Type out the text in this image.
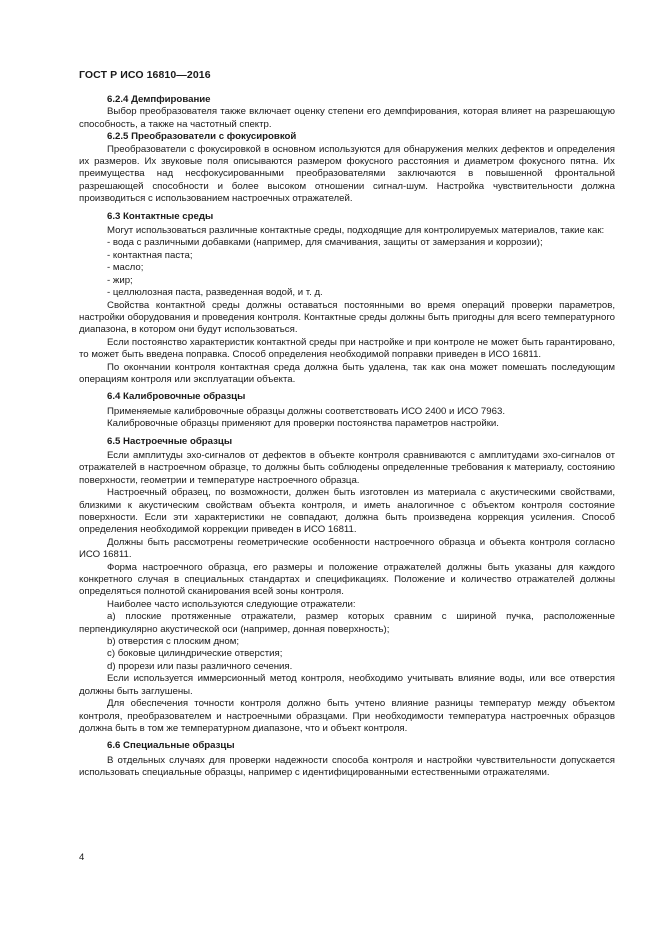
ГОСТ Р ИСО 16810—2016
6.2.4 Демпфирование

Выбор преобразователя также включает оценку степени его демпфирования, которая влияет на разрешающую способность, а также на частотный спектр.

6.2.5 Преобразователи с фокусировкой

Преобразователи с фокусировкой в основном используются для обнаружения мелких дефектов и определения их размеров. Их звуковые поля описываются размером фокусного расстояния и диаметром фокусного пятна. Их преимущества над несфокусированными преобразователями заключаются в повышенной фронтальной разрешающей способности и более высоком отношении сигнал-шум. Настройка чувствительности должна производиться с использованием настроечных отражателей.

6.3 Контактные среды

Могут использоваться различные контактные среды, подходящие для контролируемых материалов, такие как:

- вода с различными добавками (например, для смачивания, защиты от замерзания и коррозии);

- контактная паста;

- масло;

- жир;

- целлюлозная паста, разведенная водой, и т. д.

Свойства контактной среды должны оставаться постоянными во время операций проверки параметров, настройки оборудования и проведения контроля. Контактные среды должны быть пригодны для всего температурного диапазона, в котором они будут использоваться.

Если постоянство характеристик контактной среды при настройке и при контроле не может быть гарантировано, то может быть введена поправка. Способ определения необходимой поправки приведен в ИСО 16811.

По окончании контроля контактная среда должна быть удалена, так как она может помешать последующим операциям контроля или эксплуатации объекта.

6.4 Калибровочные образцы

Применяемые калибровочные образцы должны соответствовать ИСО 2400 и ИСО 7963.

Калибровочные образцы применяют для проверки постоянства параметров настройки.

6.5 Настроечные образцы

Если амплитуды эхо-сигналов от дефектов в объекте контроля сравниваются с амплитудами эхо-сигналов от отражателей в настроечном образце, то должны быть соблюдены определенные требования к материалу, состоянию поверхности, геометрии и температуре настроечного образца.

Настроечный образец, по возможности, должен быть изготовлен из материала с акустическими свойствами, близкими к акустическим свойствам объекта контроля, и иметь аналогичное с объектом контроля состояние поверхности. Если эти характеристики не совпадают, должна быть произведена коррекция усиления. Способ определения необходимой коррекции приведен в ИСО 16811.

Должны быть рассмотрены геометрические особенности настроечного образца и объекта контроля согласно ИСО 16811.

Форма настроечного образца, его размеры и положение отражателей должны быть указаны для каждого конкретного случая в специальных стандартах и спецификациях. Положение и количество отражателей должны определяться полнотой сканирования всей зоны контроля.

Наиболее часто используются следующие отражатели:

a) плоские протяженные отражатели, размер которых сравним с шириной пучка, расположенные перпендикулярно акустической оси (например, донная поверхность);

b) отверстия с плоским дном;

c) боковые цилиндрические отверстия;

d) прорези или пазы различного сечения.

Если используется иммерсионный метод контроля, необходимо учитывать влияние воды, или все отверстия должны быть заглушены.

Для обеспечения точности контроля должно быть учтено влияние разницы температур между объектом контроля, преобразователем и настроечными образцами. При необходимости температура настроечных образцов должна быть в том же температурном диапазоне, что и объект контроля.

6.6 Специальные образцы

В отдельных случаях для проверки надежности способа контроля и настройки чувствительности допускается использовать специальные образцы, например с идентифицированными естественными отражателями.

4
